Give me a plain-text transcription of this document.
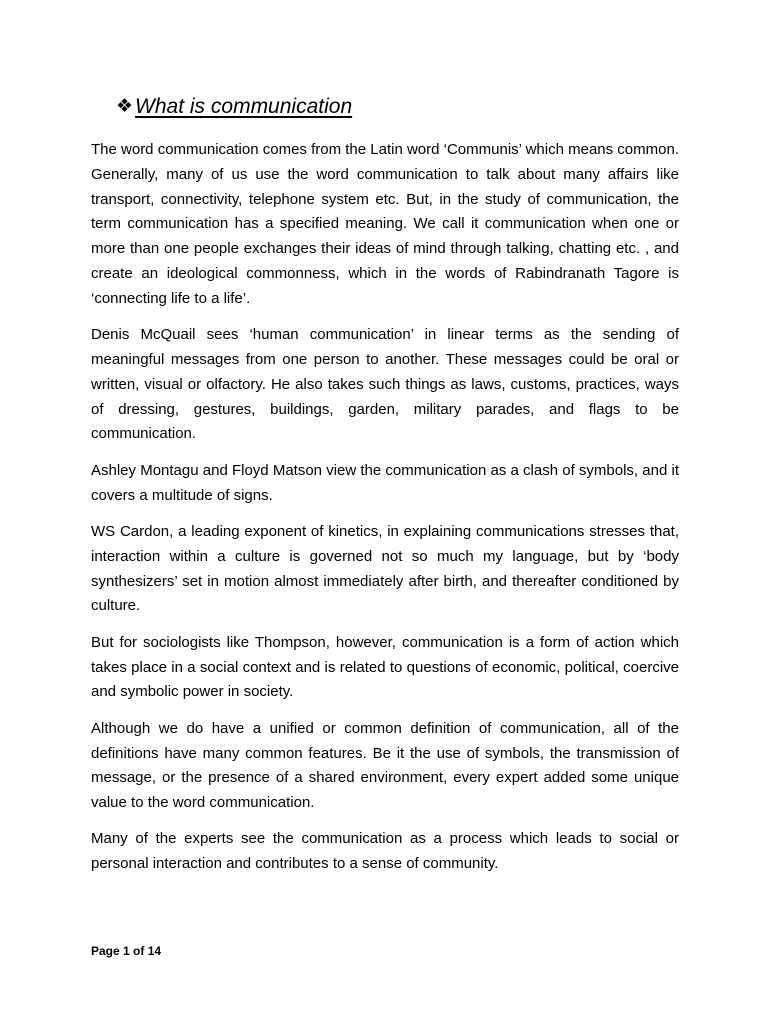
❖What is communication

The word communication comes from the Latin word ‘Communis’ which means common. Generally, many of us use the word communication to talk about many affairs like transport, connectivity, telephone system etc. But, in the study of communication, the term communication has a specified meaning. We call it communication when one or more than one people exchanges their ideas of mind through talking, chatting etc. , and create an ideological commonness, which in the words of Rabindranath Tagore is ‘connecting life to a life’.

Denis McQuail sees ‘human communication’ in linear terms as the sending of meaningful messages from one person to another. These messages could be oral or written, visual or olfactory. He also takes such things as laws, customs, practices, ways of dressing, gestures, buildings, garden, military parades, and flags to be communication.

Ashley Montagu and Floyd Matson view the communication as a clash of symbols, and it covers a multitude of signs.

WS Cardon, a leading exponent of kinetics, in explaining communications stresses that, interaction within a culture is governed not so much my language, but by ‘body synthesizers’ set in motion almost immediately after birth, and thereafter conditioned by culture.

But for sociologists like Thompson, however, communication is a form of action which takes place in a social context and is related to questions of economic, political, coercive and symbolic power in society.

Although we do have a unified or common definition of communication, all of the definitions have many common features. Be it the use of symbols, the transmission of message, or the presence of a shared environment, every expert added some unique value to the word communication.

Many of the experts see the communication as a process which leads to social or personal interaction and contributes to a sense of community.

Page 1 of 14
